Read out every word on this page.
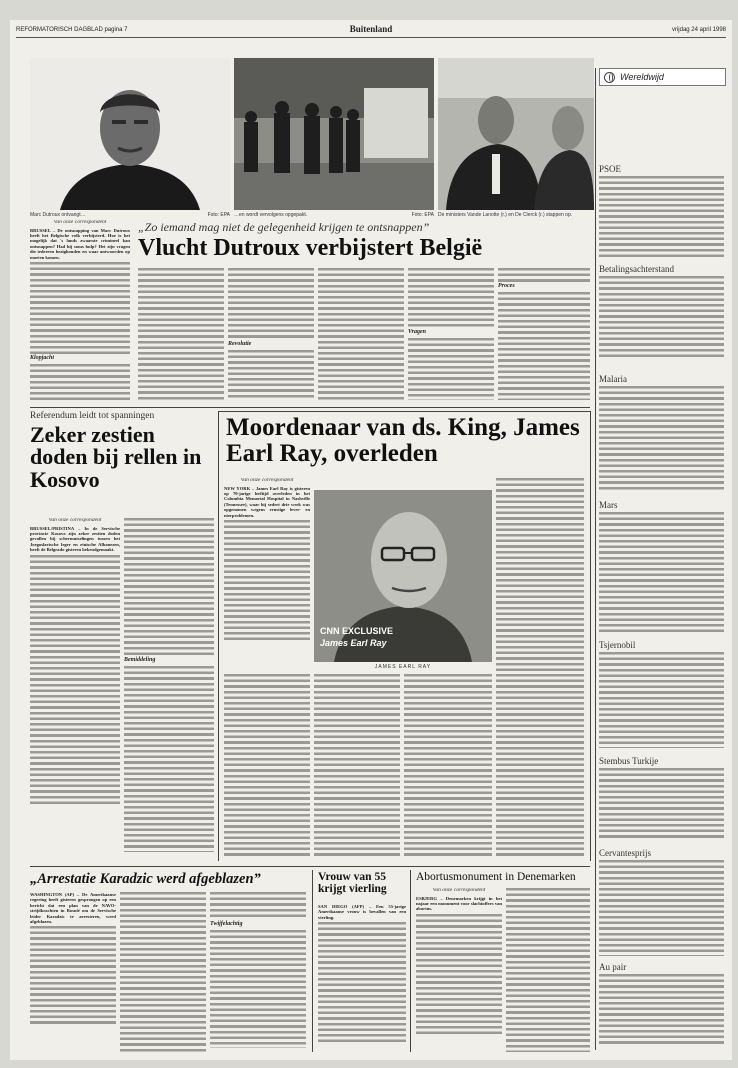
REFORMATORISCH DAGBLAD pagina 7	Buitenland	vrijdag 24 april 1998
Marc Dutroux ontvangt…	Foto: EPA …en wordt vervolgens opgepakt.	Foto: EPA De ministers Vande Lanotte (r.) en De Clerck (r.) stappen op.
Wereldwijd
PSOE
Betalingsachterstand
Malaria
Mars
Tsjernobil
Stembus Turkije
Cervantesprijs
Au pair
Van onze correspondent
BRUSSEL – De ontsnapping van Marc Dutroux heeft het Belgische volk verbijsterd. Hoe is het mogelijk dat 's lands zwaarste crimineel kan ontsnappen? Had hij soms hulp? Het zijn vragen die iedereen bezighouden en waar antwoorden op moeten komen.
Klopjacht
„Zo iemand mag niet de gelegenheid krijgen te ontsnappen”
Vlucht Dutroux verbijstert België
Revolutie
Vragen
Proces
Referendum leidt tot spanningen
Zeker zestien doden bij rellen in Kosovo
Van onze correspondent
BRUSSEL/PRISTINA – In de Servische provincie Kosovo zijn zeker zestien doden gevallen bij schermutselingen tussen het Joegoslavische leger en etnische Albanezen, heeft de Belgrado gisteren bekendgemaakt.
Bemiddeling
Moordenaar van ds. King, James Earl Ray, overleden
Van onze correspondent
NEW YORK – James Earl Ray is gisteren op 70-jarige leeftijd overleden in het Columbia Memorial Hospital in Nashville (Tennessee), waar hij sedert drie week was opgenomen wegens ernstige lever- en nierproblemen.
CNN EXCLUSIVE
James Earl Ray
JAMES EARL RAY
„Arrestatie Karadzic werd afgeblazen”
WASHINGTON (AP) – De Amerikaanse regering heeft gisteren gesprongen op een bericht dat een plan van de NAVO-strijdkrachten in Bosnië om de Servische leider Karadzic te arresteren, werd afgeblazen.	Twijfelachtig
Vrouw van 55 krijgt vierling
SAN DIEGO (AFP) – Een 55-jarige Amerikaanse vrouw is bevallen van een vierling.
Abortusmonument in Denemarken
Van onze correspondent
ESBJERG – Denemarken krijgt in het najaar een monument voor slachtoffers van abortus.
